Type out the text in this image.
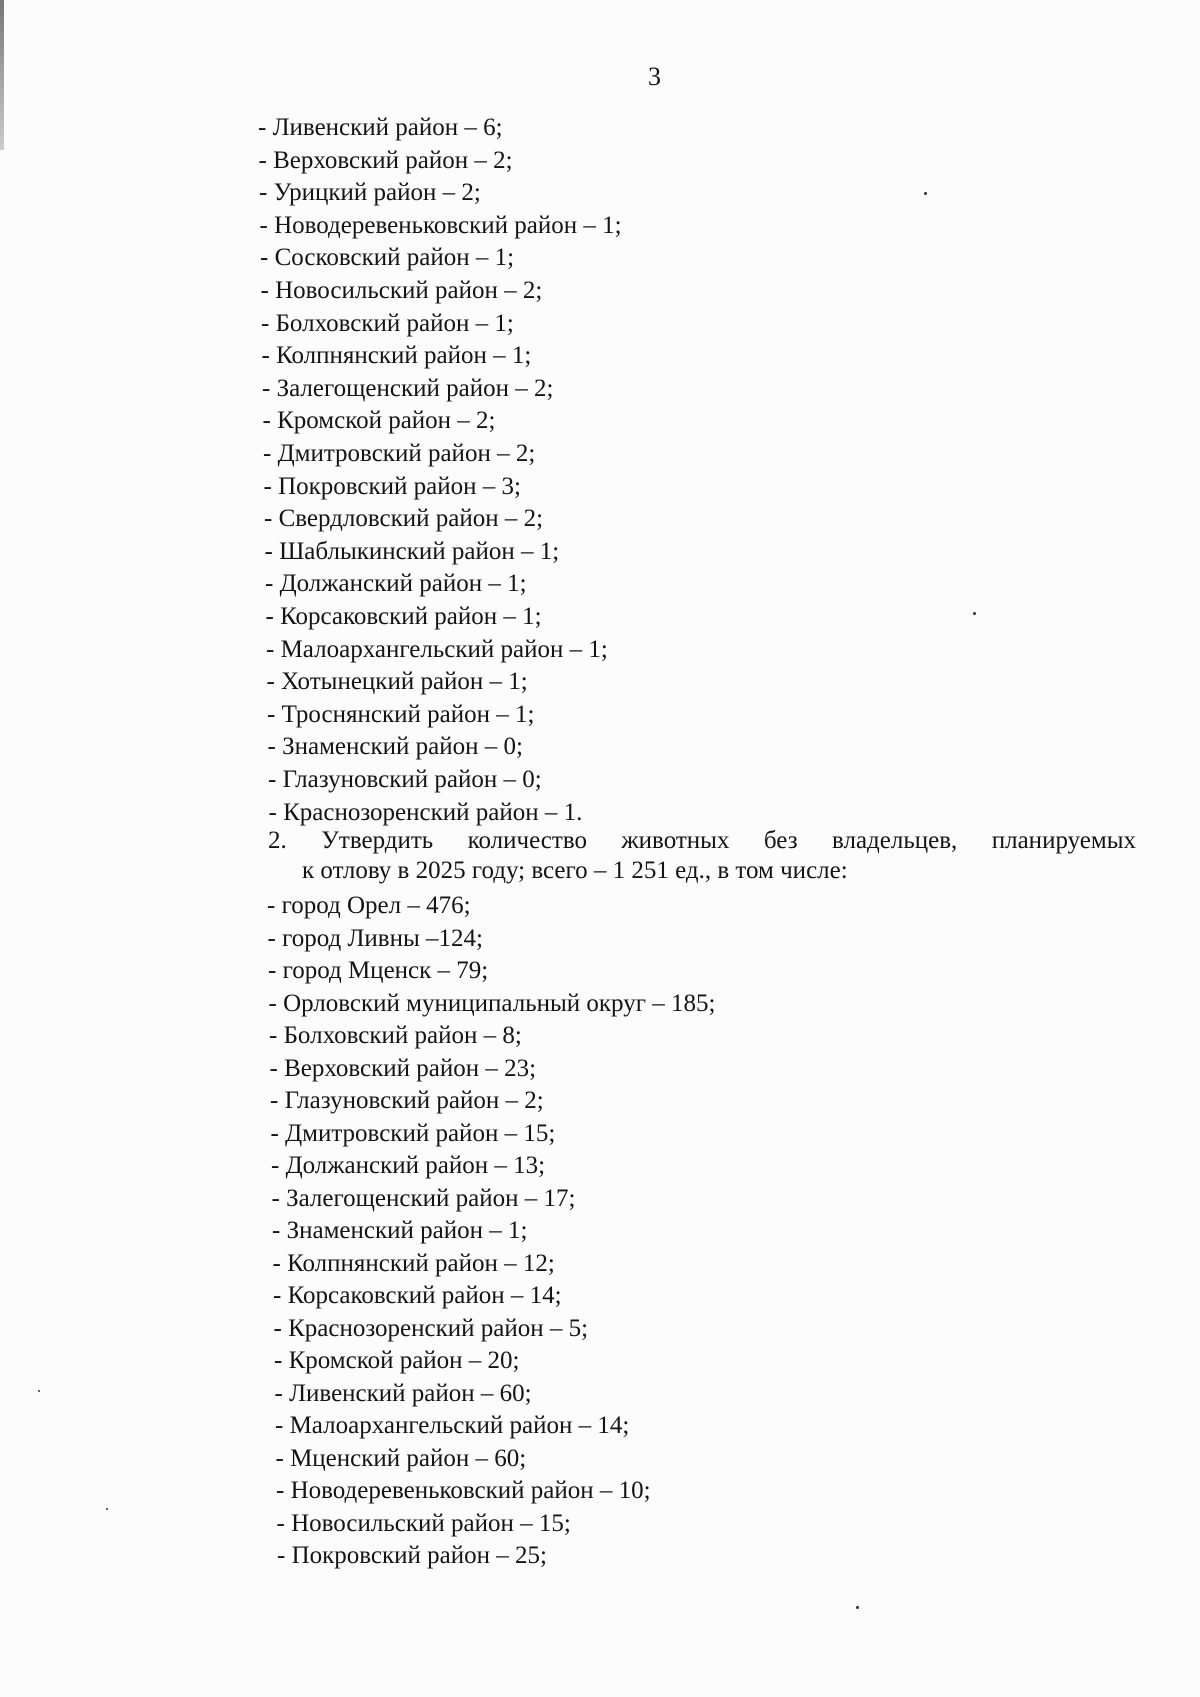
3
- Ливенский район – 6;
- Верховский район – 2;
- Урицкий район – 2;
- Новодеревеньковский район – 1;
- Сосковский район – 1;
- Новосильский район – 2;
- Болховский район – 1;
- Колпнянский район – 1;
- Залегощенский район – 2;
- Кромской район – 2;
- Дмитровский район – 2;
- Покровский район – 3;
- Свердловский район – 2;
- Шаблыкинский район – 1;
- Должанский район – 1;
- Корсаковский район – 1;
- Малоархангельский район – 1;
- Хотынецкий район – 1;
- Троснянский район – 1;
- Знаменский район – 0;
- Глазуновский район – 0;
- Краснозоренский район – 1.
2. Утвердить количество животных без владельцев, планируемых
к отлову в 2025 году; всего – 1 251 ед., в том числе:
- город Орел – 476;
- город Ливны –124;
- город Мценск – 79;
- Орловский муниципальный округ – 185;
- Болховский район – 8;
- Верховский район – 23;
- Глазуновский район – 2;
- Дмитровский район – 15;
- Должанский район – 13;
- Залегощенский район – 17;
- Знаменский район – 1;
- Колпнянский район – 12;
- Корсаковский район – 14;
- Краснозоренский район – 5;
- Кромской район – 20;
- Ливенский район – 60;
- Малоархангельский район – 14;
- Мценский район – 60;
- Новодеревеньковский район – 10;
- Новосильский район – 15;
- Покровский район – 25;
